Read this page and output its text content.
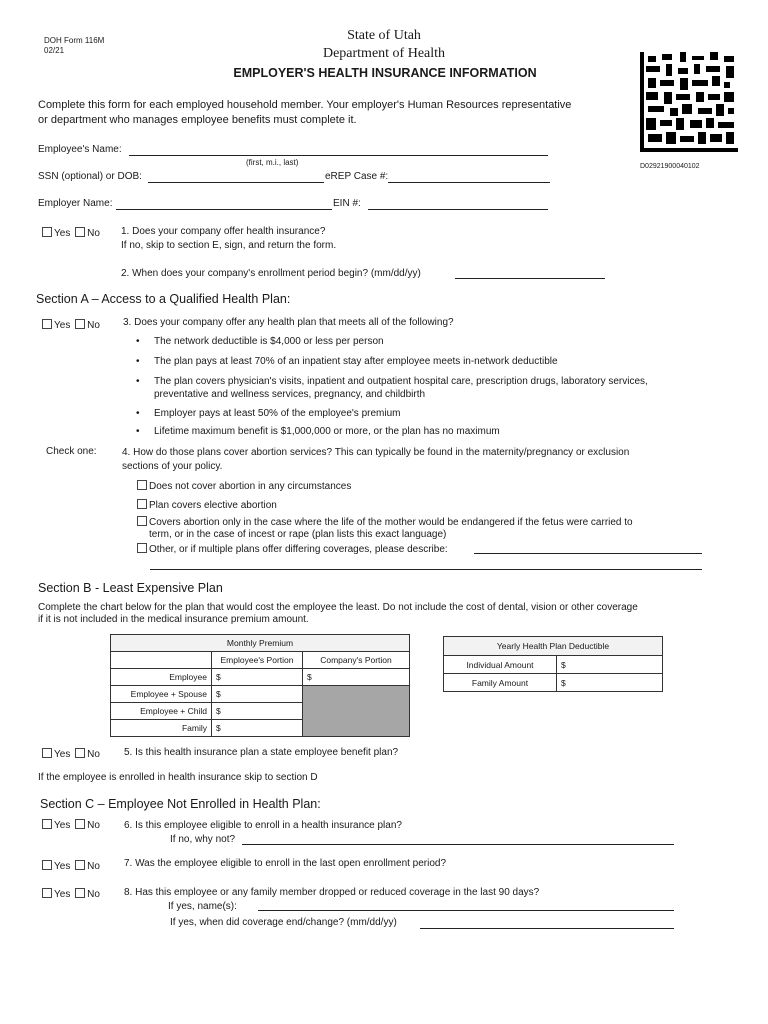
DOH Form 116M
02/21
State of Utah
Department of Health
EMPLOYER'S HEALTH INSURANCE INFORMATION
D02921900040102
Complete this form for each employed household member. Your employer's Human Resources representative or department who manages employee benefits must complete it.
Employee's Name:
(first, m.i., last)
SSN (optional) or DOB:	eREP Case #:
Employer Name:	EIN #:
Yes No 1. Does your company offer health insurance?
If no, skip to section E, sign, and return the form.
2. When does your company's enrollment period begin? (mm/dd/yy)
Section A – Access to a Qualified Health Plan:
Yes No 3. Does your company offer any health plan that meets all of the following?
• The network deductible is $4,000 or less per person
• The plan pays at least 70% of an inpatient stay after employee meets in-network deductible
• The plan covers physician's visits, inpatient and outpatient hospital care, prescription drugs, laboratory services,
• Employer pays at least 50% of the employee's premium
• Lifetime maximum benefit is $1,000,000 or more, or the plan has no maximum
preventative and wellness services, pregnancy, and childbirth
Check one:	4. How do those plans cover abortion services? This can typically be found in the maternity/pregnancy or exclusion
sections of your policy.
Does not cover abortion in any circumstances
Plan covers elective abortion
Covers abortion only in the case where the life of the mother would be endangered if the fetus were carried to
term, or in the case of incest or rape (plan lists this exact language)
Other, or if multiple plans offer differing coverages, please describe:
Section B - Least Expensive Plan
Complete the chart below for the plan that would cost the employee the least. Do not include the cost of dental, vision or other coverage
if it is not included in the medical insurance premium amount.
Monthly Premium		
	Employee's Portion	Company's Portion
Employee	$	$
Employee + Spouse	$	
Employee + Child	$	
Family	$	
Yearly Health Plan Deductible	
Individual Amount	$
Family Amount	$
Yes No 5. Is this health insurance plan a state employee benefit plan?
If the employee is enrolled in health insurance skip to section D
Section C – Employee Not Enrolled in Health Plan:
Yes No 6. Is this employee eligible to enroll in a health insurance plan?
If no, why not?
Yes No 7. Was the employee eligible to enroll in the last open enrollment period?
Yes No 8. Has this employee or any family member dropped or reduced coverage in the last 90 days?
If yes, name(s):
If yes, when did coverage end/change? (mm/dd/yy)
